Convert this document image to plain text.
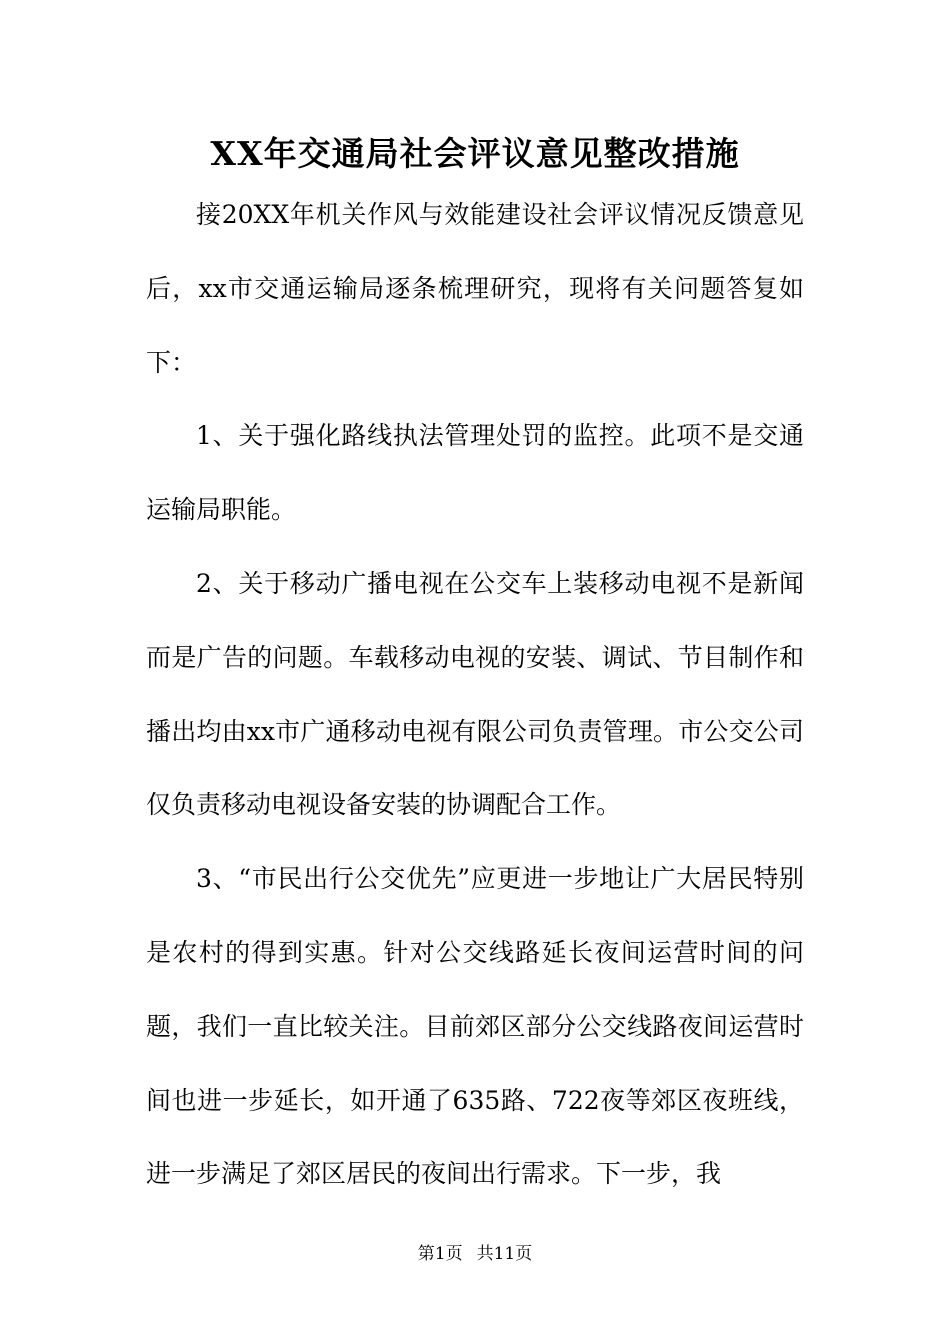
XX年交通局社会评议意见整改措施

接20XX年机关作风与效能建设社会评议情况反馈意见后，xx市交通运输局逐条梳理研究，现将有关问题答复如下：

1、关于强化路线执法管理处罚的监控。此项不是交通运输局职能。

2、关于移动广播电视在公交车上装移动电视不是新闻而是广告的问题。车载移动电视的安装、调试、节目制作和播出均由xx市广通移动电视有限公司负责管理。市公交公司仅负责移动电视设备安装的协调配合工作。

3、“市民出行公交优先”应更进一步地让广大居民特别是农村的得到实惠。针对公交线路延长夜间运营时间的问题，我们一直比较关注。目前郊区部分公交线路夜间运营时间也进一步延长，如开通了635路、722夜等郊区夜班线，进一步满足了郊区居民的夜间出行需求。下一步，我

第1页 共11页
